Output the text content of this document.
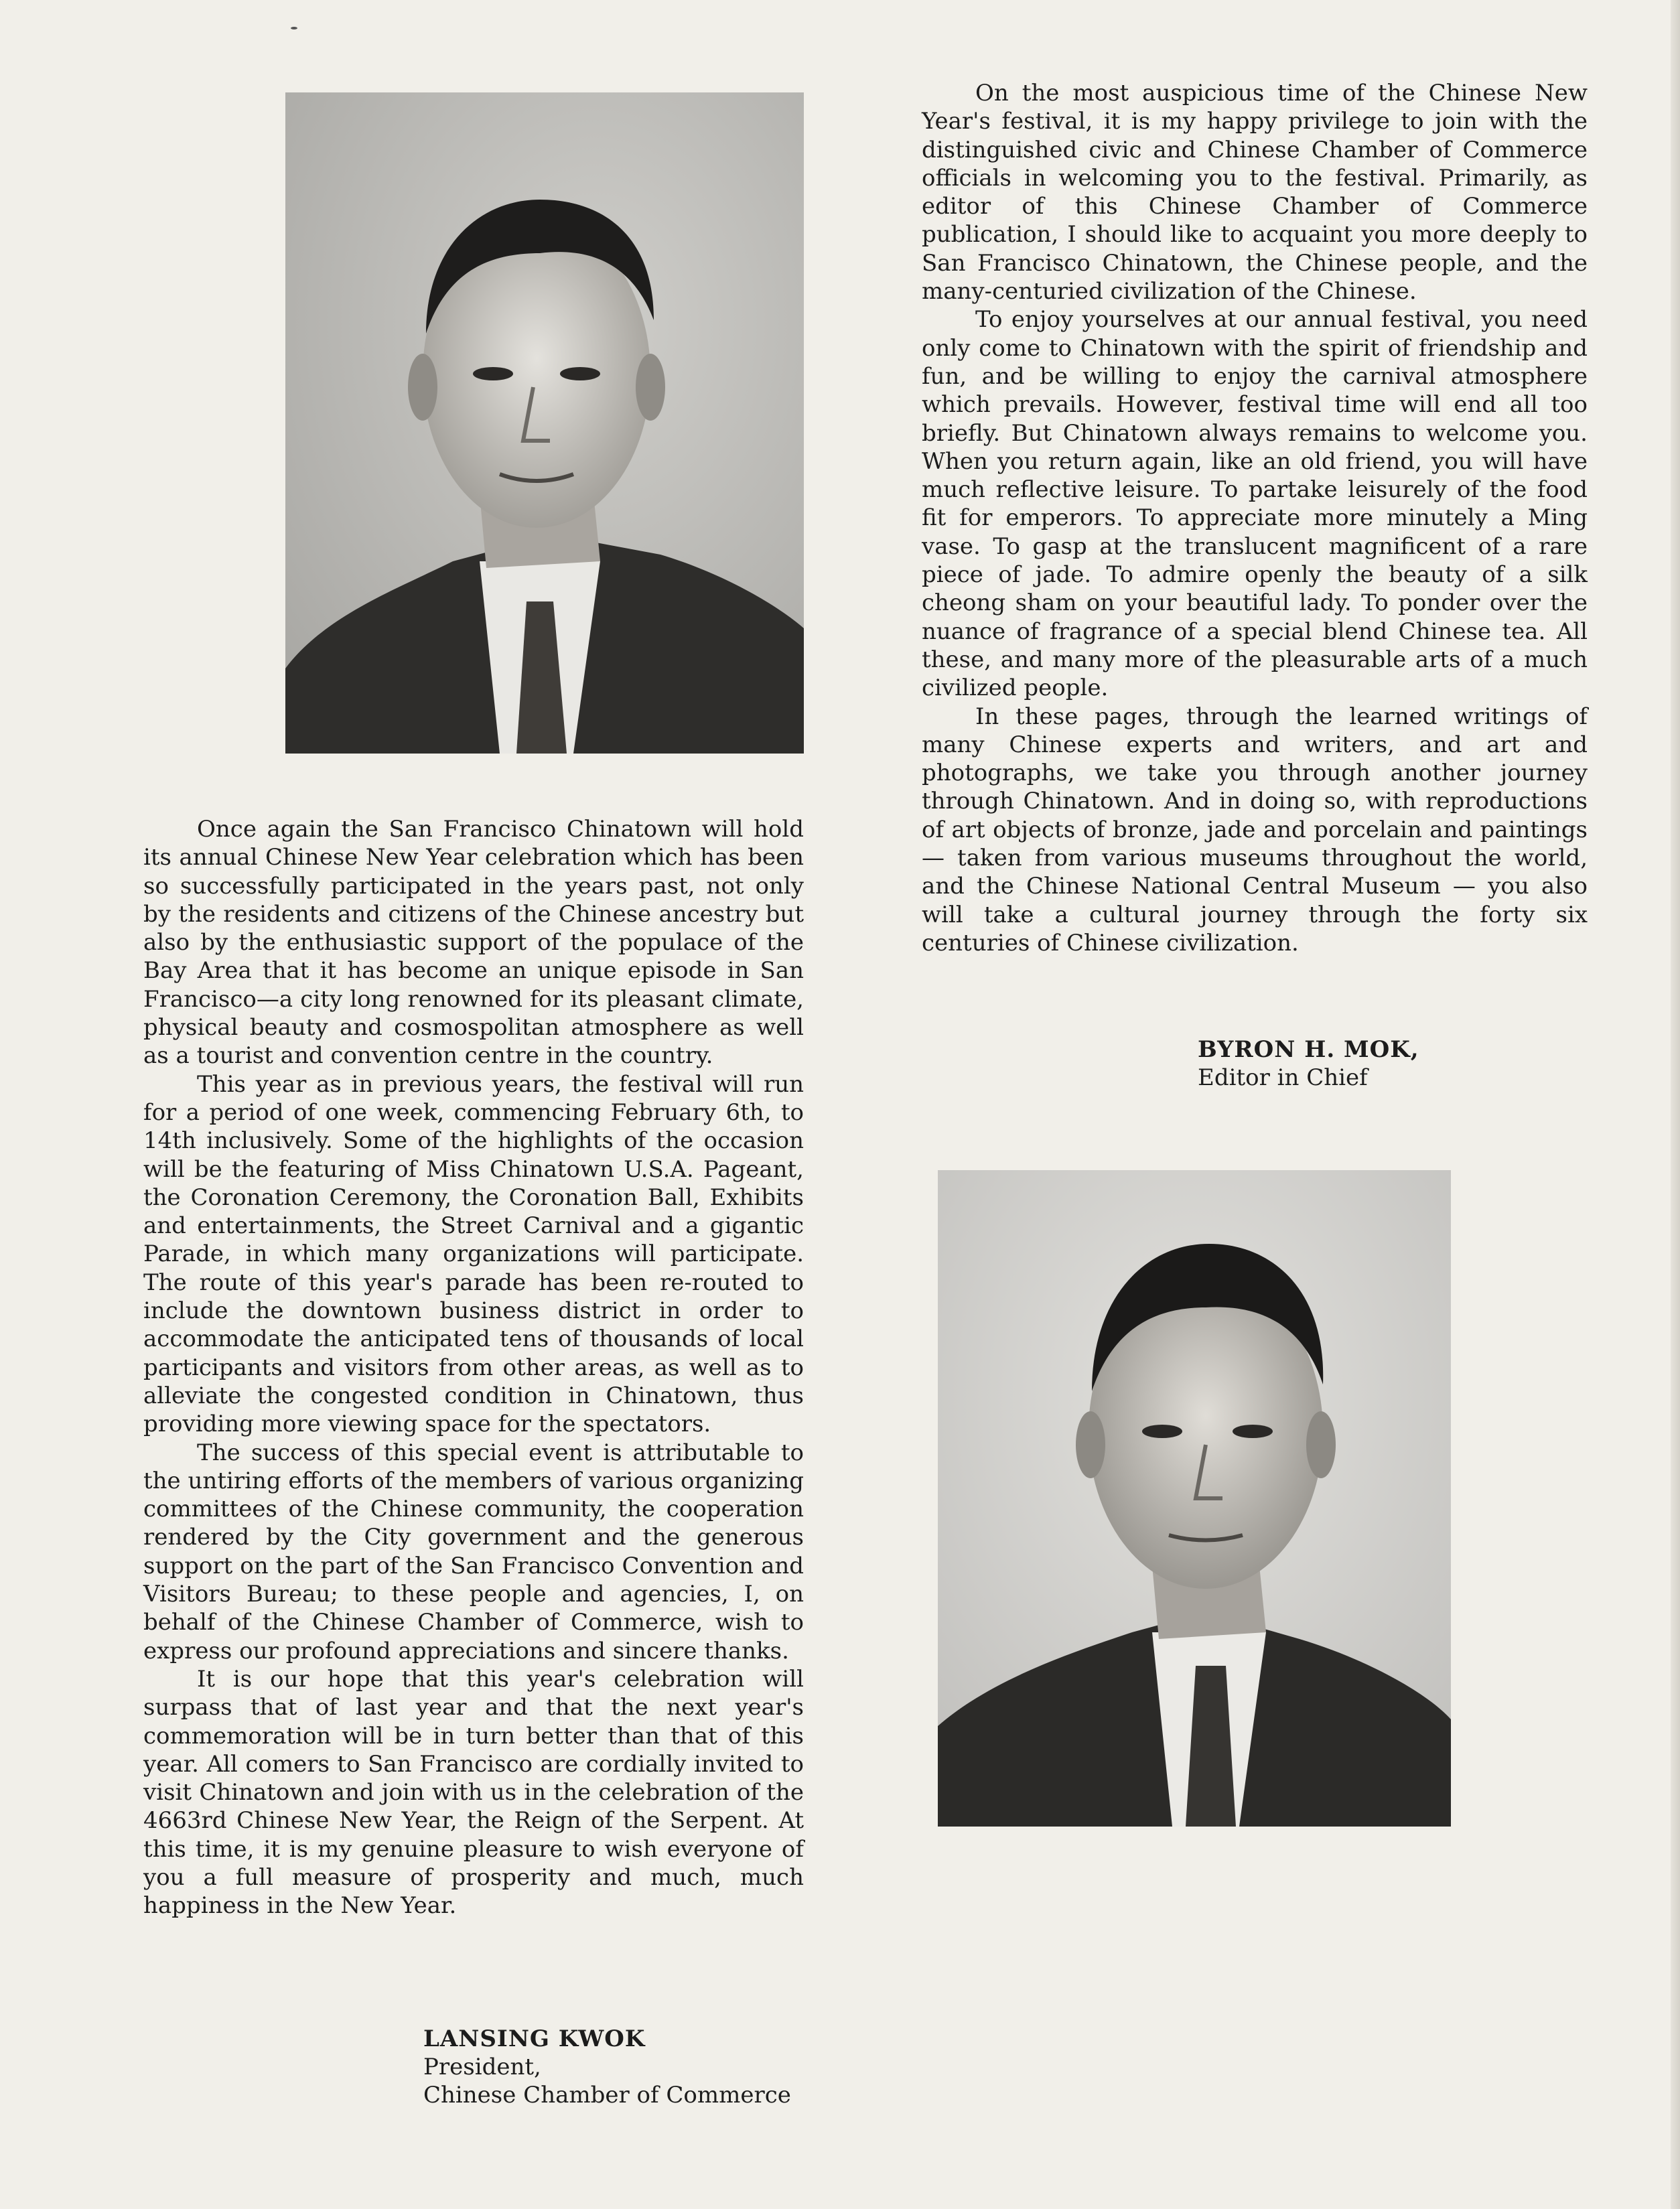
Once again the San Francisco Chinatown will hold its annual Chinese New Year celebration which has been so successfully participated in the years past, not only by the residents and citizens of the Chinese ancestry but also by the enthusiastic support of the populace of the Bay Area that it has become an unique episode in San Francisco—a city long renowned for its pleasant climate, physical beauty and cosmospolitan atmosphere as well as a tourist and convention centre in the country.

This year as in previous years, the festival will run for a period of one week, commencing February 6th, to 14th inclusively. Some of the highlights of the occasion will be the featuring of Miss Chinatown U.S.A. Pageant, the Coronation Ceremony, the Coronation Ball, Exhibits and entertainments, the Street Carnival and a gigantic Parade, in which many organizations will participate. The route of this year's parade has been re-routed to include the downtown business district in order to accommodate the anticipated tens of thousands of local participants and visitors from other areas, as well as to alleviate the congested condition in Chinatown, thus providing more viewing space for the spectators.

The success of this special event is attributable to the untiring efforts of the members of various organizing committees of the Chinese community, the cooperation rendered by the City government and the generous support on the part of the San Francisco Convention and Visitors Bureau; to these people and agencies, I, on behalf of the Chinese Chamber of Commerce, wish to express our profound appreciations and sincere thanks.

It is our hope that this year's celebration will surpass that of last year and that the next year's commemoration will be in turn better than that of this year. All comers to San Francisco are cordially invited to visit Chinatown and join with us in the celebration of the 4663rd Chinese New Year, the Reign of the Serpent. At this time, it is my genuine pleasure to wish everyone of you a full measure of prosperity and much, much happiness in the New Year.

LANSING KWOK
President,
Chinese Chamber of Commerce

On the most auspicious time of the Chinese New Year's festival, it is my happy privilege to join with the distinguished civic and Chinese Chamber of Commerce officials in welcoming you to the festival. Primarily, as editor of this Chinese Chamber of Commerce publication, I should like to acquaint you more deeply to San Francisco Chinatown, the Chinese people, and the many-centuried civilization of the Chinese.

To enjoy yourselves at our annual festival, you need only come to Chinatown with the spirit of friendship and fun, and be willing to enjoy the carnival atmosphere which prevails. However, festival time will end all too briefly. But Chinatown always remains to welcome you. When you return again, like an old friend, you will have much reflective leisure. To partake leisurely of the food fit for emperors. To appreciate more minutely a Ming vase. To gasp at the translucent magnificent of a rare piece of jade. To admire openly the beauty of a silk cheong sham on your beautiful lady. To ponder over the nuance of fragrance of a special blend Chinese tea. All these, and many more of the pleasurable arts of a much civilized people.

In these pages, through the learned writings of many Chinese experts and writers, and art and photographs, we take you through another journey through Chinatown. And in doing so, with reproductions of art objects of bronze, jade and porcelain and paintings — taken from various museums throughout the world, and the Chinese National Central Museum — you also will take a cultural journey through the forty six centuries of Chinese civilization.

BYRON H. MOK,
Editor in Chief
